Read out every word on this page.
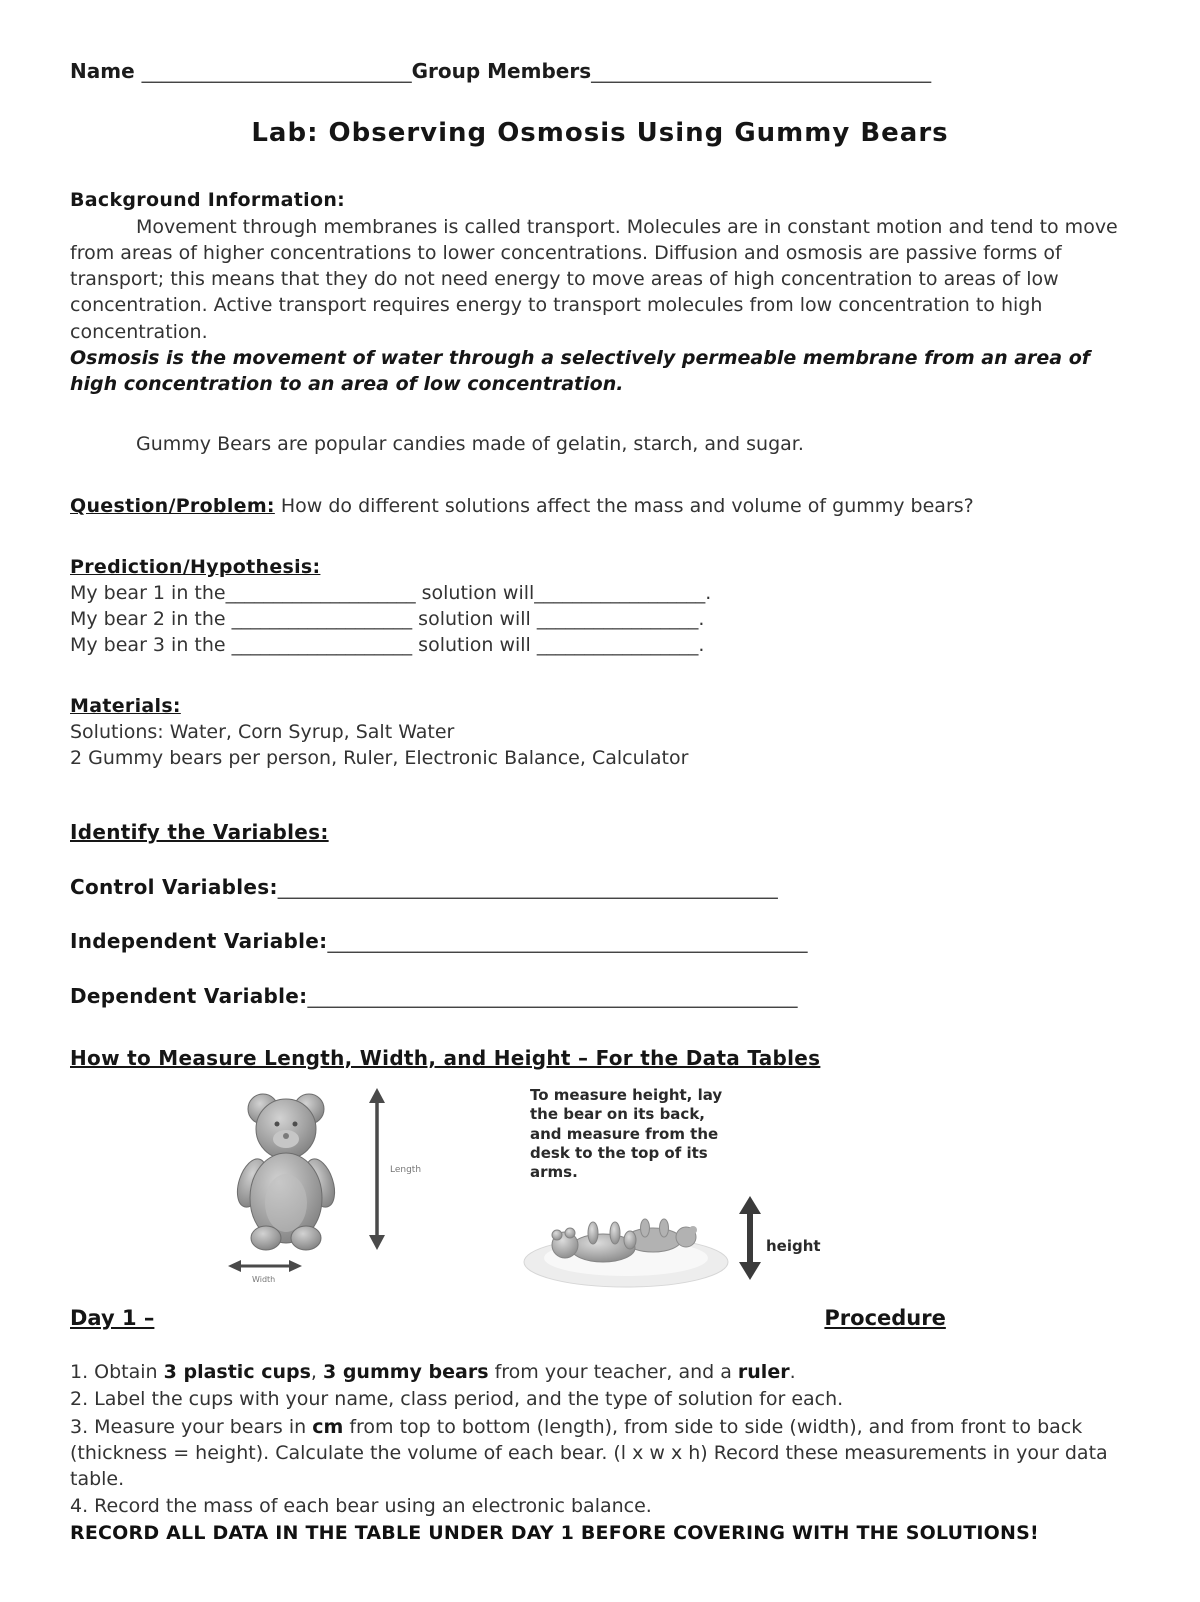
Name ___________________________Group Members__________________________________
Lab: Observing Osmosis Using Gummy Bears
Background Information:

Movement through membranes is called transport. Molecules are in constant motion and tend to move from areas of higher concentrations to lower concentrations. Diffusion and osmosis are passive forms of transport; this means that they do not need energy to move areas of high concentration to areas of low concentration. Active transport requires energy to transport molecules from low concentration to high concentration.

Osmosis is the movement of water through a selectively permeable membrane from an area of high concentration to an area of low concentration.

Gummy Bears are popular candies made of gelatin, starch, and sugar.

Question/Problem: How do different solutions affect the mass and volume of gummy bears?
Prediction/Hypothesis:
My bear 1 in the____________________ solution will__________________.
My bear 2 in the ___________________ solution will _________________.
My bear 3 in the ___________________ solution will _________________.
Materials:
Solutions: Water, Corn Syrup, Salt Water
2 Gummy bears per person, Ruler, Electronic Balance, Calculator
Identify the Variables:
Control Variables:__________________________________________________
Independent Variable:________________________________________________
Dependent Variable:_________________________________________________
How to Measure Length, Width, and Height – For the Data Tables
Length
Width
To measure height, lay the bear on its back, and measure from the desk to the top of its arms.
height
Day 1 –	Procedure

1. Obtain 3 plastic cups, 3 gummy bears from your teacher, and a ruler.

2. Label the cups with your name, class period, and the type of solution for each.

3. Measure your bears in cm from top to bottom (length), from side to side (width), and from front to back (thickness = height). Calculate the volume of each bear. (l x w x h) Record these measurements in your data table.

4. Record the mass of each bear using an electronic balance.

RECORD ALL DATA IN THE TABLE UNDER DAY 1 BEFORE COVERING WITH THE SOLUTIONS!
